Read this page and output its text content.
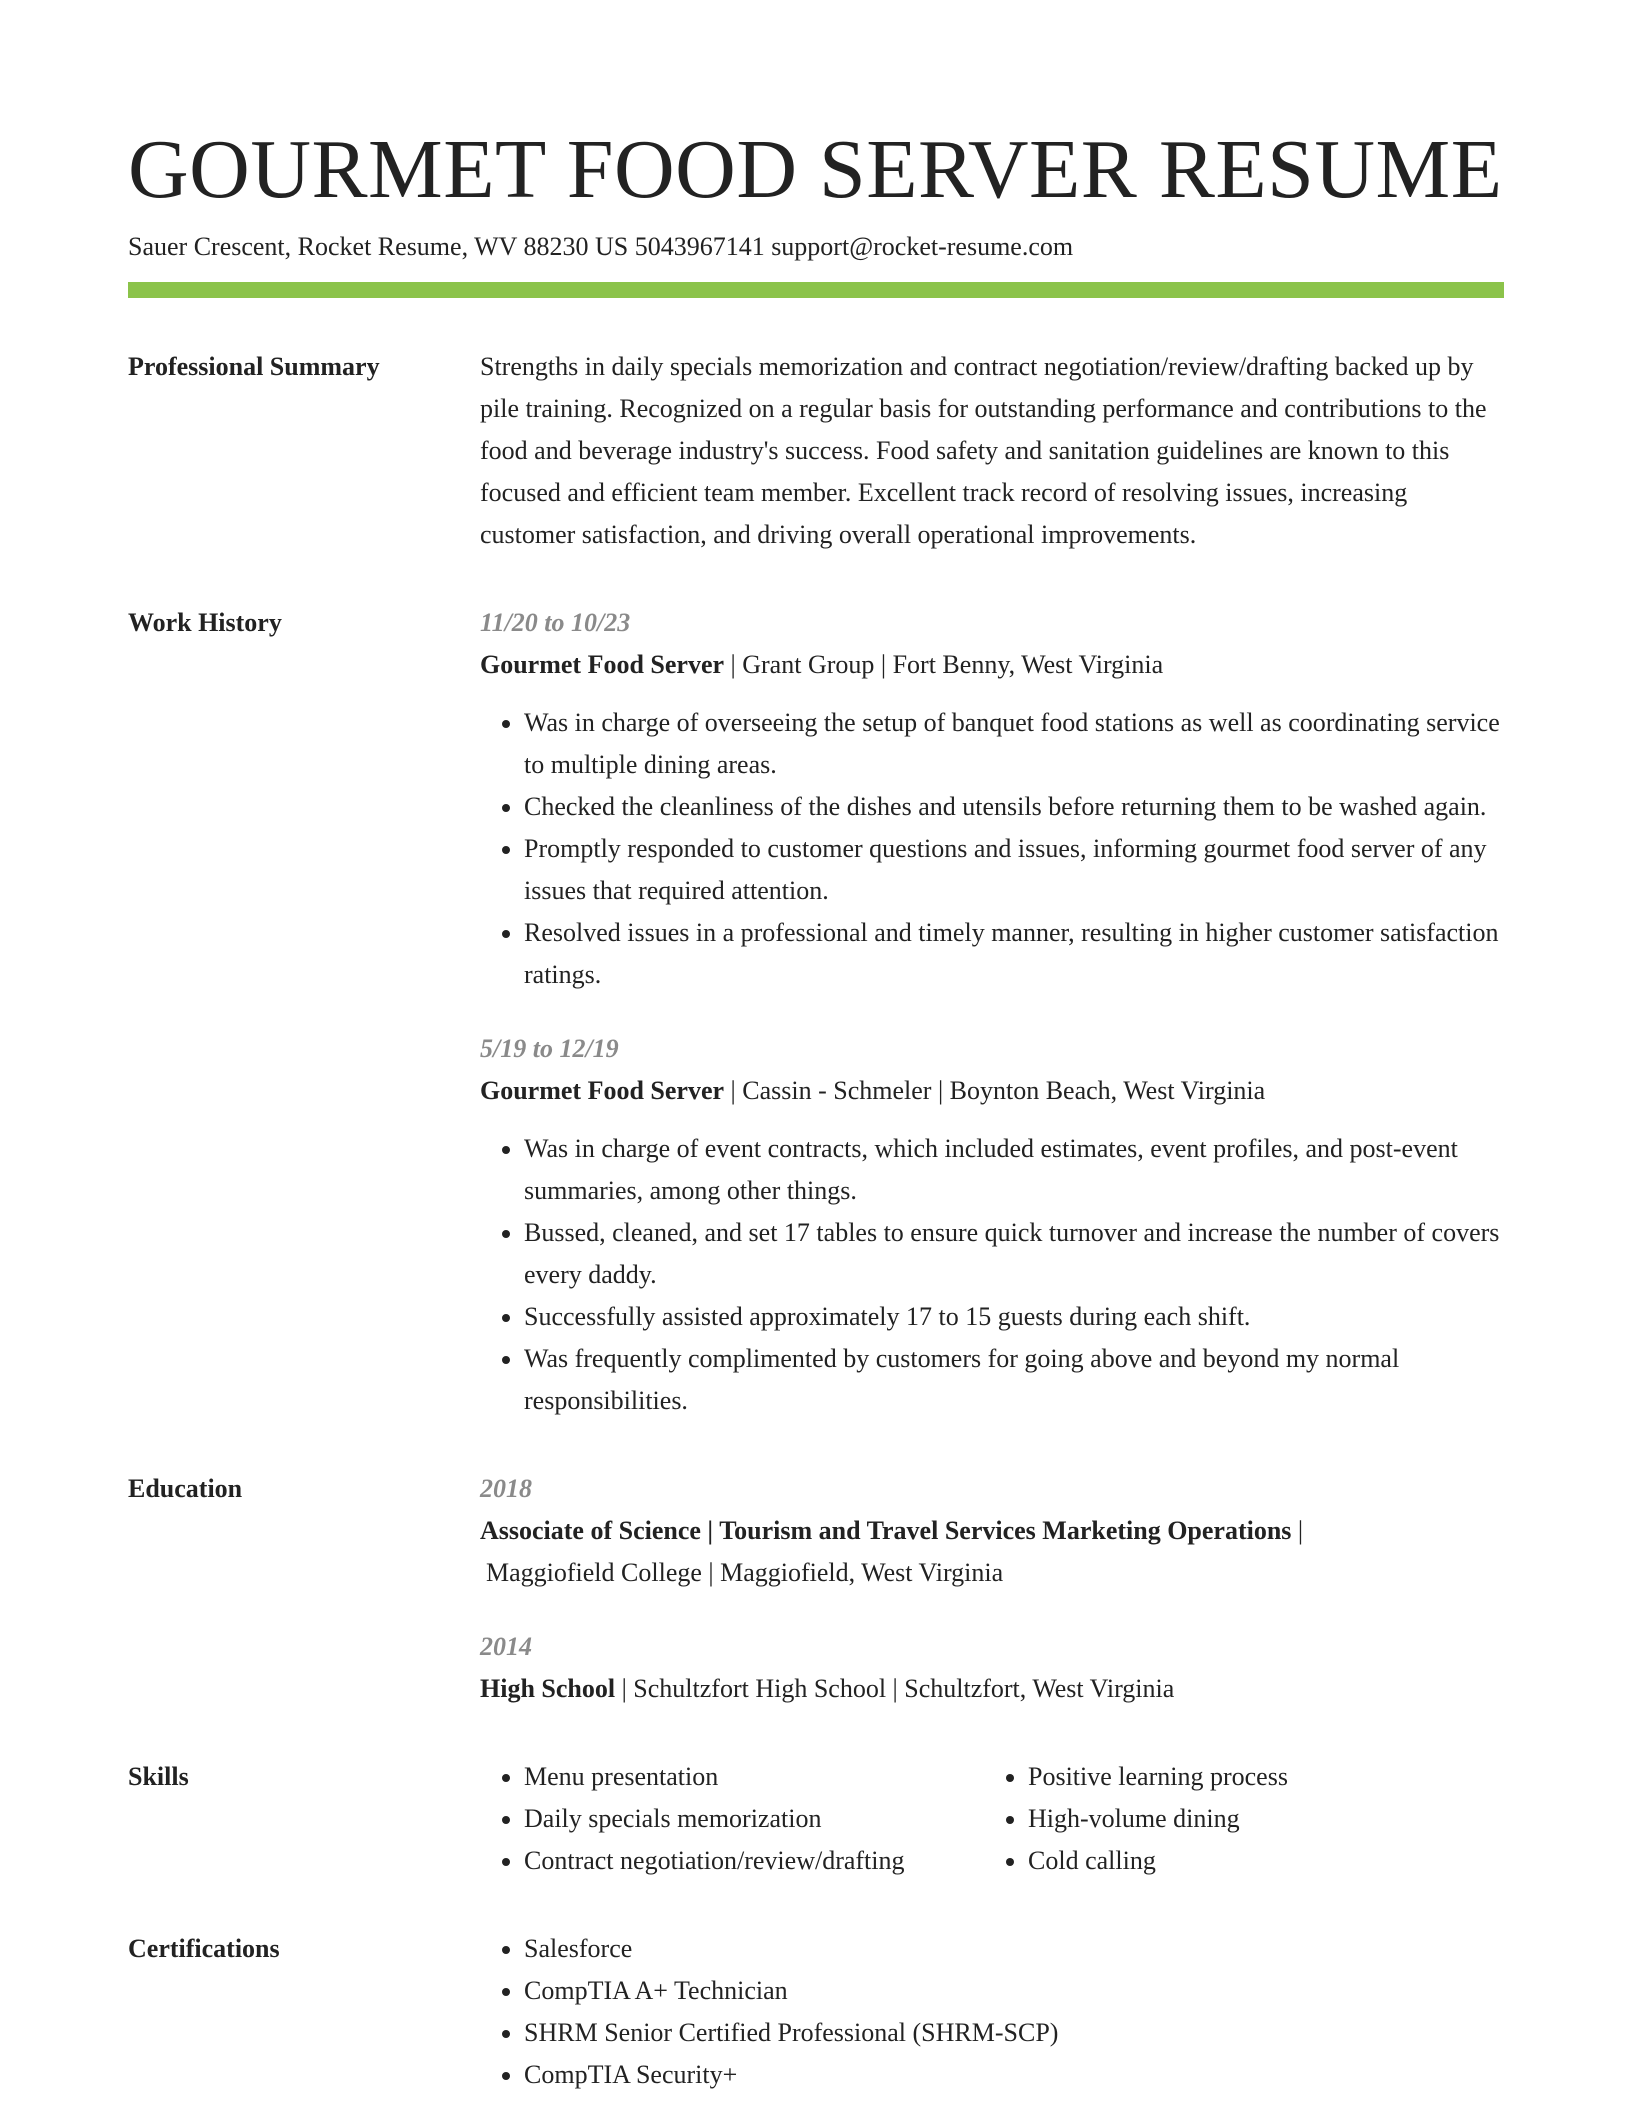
GOURMET FOOD SERVER RESUME
Sauer Crescent, Rocket Resume, WV 88230 US 5043967141 support@rocket-resume.com
Professional Summary	Strengths in daily specials memorization and contract negotiation/review/drafting backed up by pile training. Recognized on a regular basis for outstanding performance and contributions to the food and beverage industry's success. Food safety and sanitation guidelines are known to this focused and efficient team member. Excellent track record of resolving issues, increasing customer satisfaction, and driving overall operational improvements.
Work History	11/20 to 10/23
Gourmet Food Server | Grant Group | Fort Benny, West Virginia
• Was in charge of overseeing the setup of banquet food stations as well as coordinating service to multiple dining areas.
• Checked the cleanliness of the dishes and utensils before returning them to be washed again.
• Promptly responded to customer questions and issues, informing gourmet food server of any issues that required attention.
• Resolved issues in a professional and timely manner, resulting in higher customer satisfaction ratings.
5/19 to 12/19
Gourmet Food Server | Cassin - Schmeler | Boynton Beach, West Virginia
• Was in charge of event contracts, which included estimates, event profiles, and post-event summaries, among other things.
• Bussed, cleaned, and set 17 tables to ensure quick turnover and increase the number of covers every daddy.
• Successfully assisted approximately 17 to 15 guests during each shift.
• Was frequently complimented by customers for going above and beyond my normal responsibilities.
Education	2018
Associate of Science | Tourism and Travel Services Marketing Operations |
Maggiofield College | Maggiofield, West Virginia
2014
High School | Schultzfort High School | Schultzfort, West Virginia
Skills	• Menu presentation
• Daily specials memorization
• Contract negotiation/review/drafting
• Positive learning process
• High-volume dining
• Cold calling
Certifications	• Salesforce
• CompTIA A+ Technician
• SHRM Senior Certified Professional (SHRM-SCP)
• CompTIA Security+
